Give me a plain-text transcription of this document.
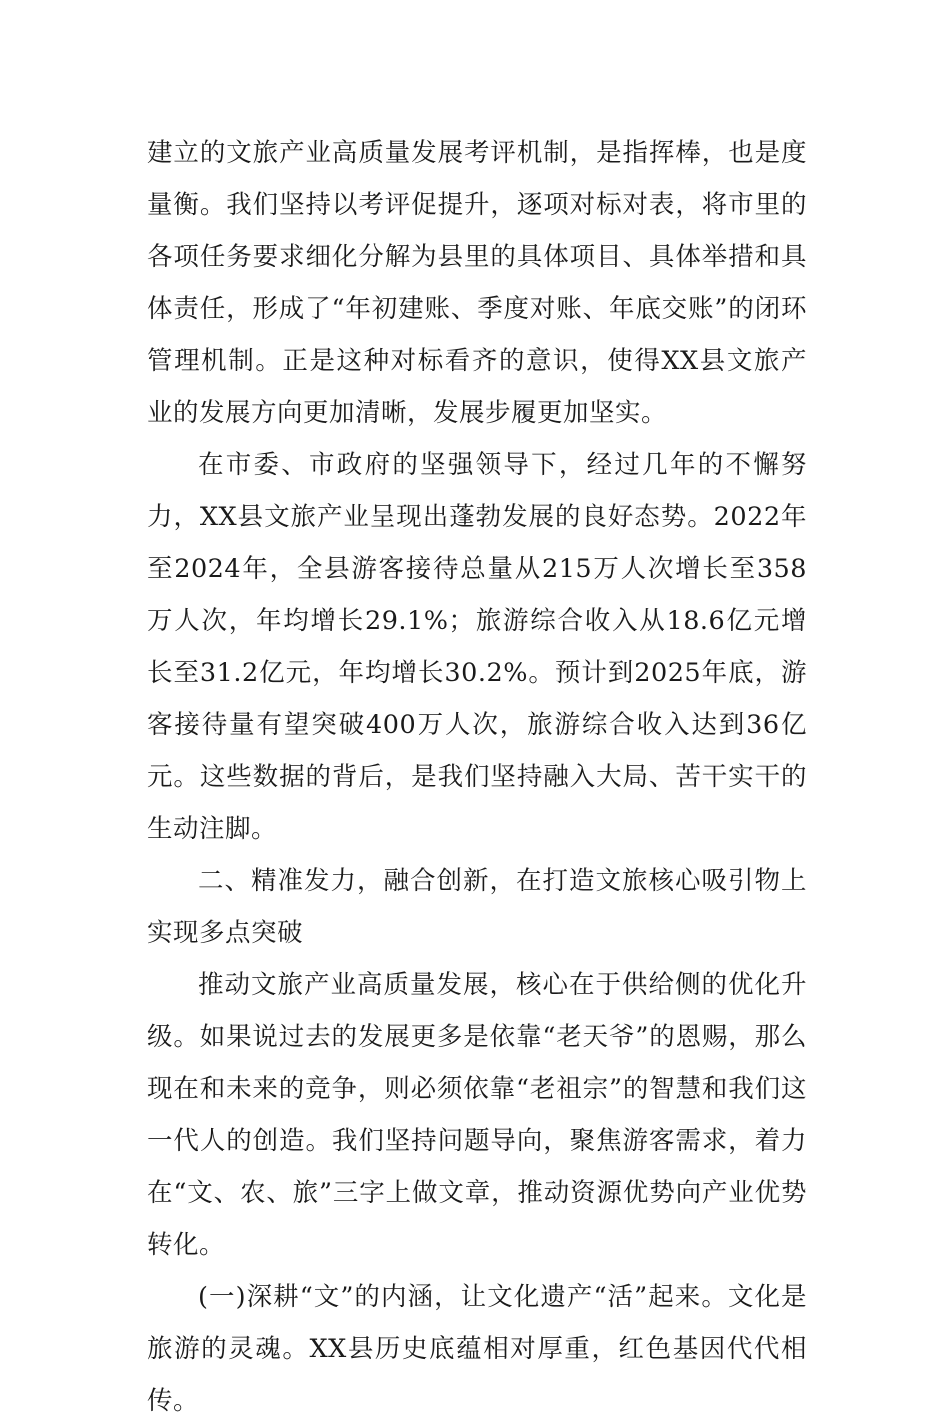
建立的文旅产业高质量发展考评机制，是指挥棒，也是度量衡。我们坚持以考评促提升，逐项对标对表，将市里的各项任务要求细化分解为县里的具体项目、具体举措和具体责任，形成了“年初建账、季度对账、年底交账”的闭环管理机制。正是这种对标看齐的意识，使得XX县文旅产业的发展方向更加清晰，发展步履更加坚实。

在市委、市政府的坚强领导下，经过几年的不懈努力，XX县文旅产业呈现出蓬勃发展的良好态势。2022年至2024年，全县游客接待总量从215万人次增长至358万人次，年均增长29.1%；旅游综合收入从18.6亿元增长至31.2亿元，年均增长30.2%。预计到2025年底，游客接待量有望突破400万人次，旅游综合收入达到36亿元。这些数据的背后，是我们坚持融入大局、苦干实干的生动注脚。

二、精准发力，融合创新，在打造文旅核心吸引物上实现多点突破

推动文旅产业高质量发展，核心在于供给侧的优化升级。如果说过去的发展更多是依靠“老天爷”的恩赐，那么现在和未来的竞争，则必须依靠“老祖宗”的智慧和我们这一代人的创造。我们坚持问题导向，聚焦游客需求，着力在“文、农、旅”三字上做文章，推动资源优势向产业优势转化。

(一)深耕“文”的内涵，让文化遗产“活”起来。文化是旅游的灵魂。XX县历史底蕴相对厚重，红色基因代代相传。
